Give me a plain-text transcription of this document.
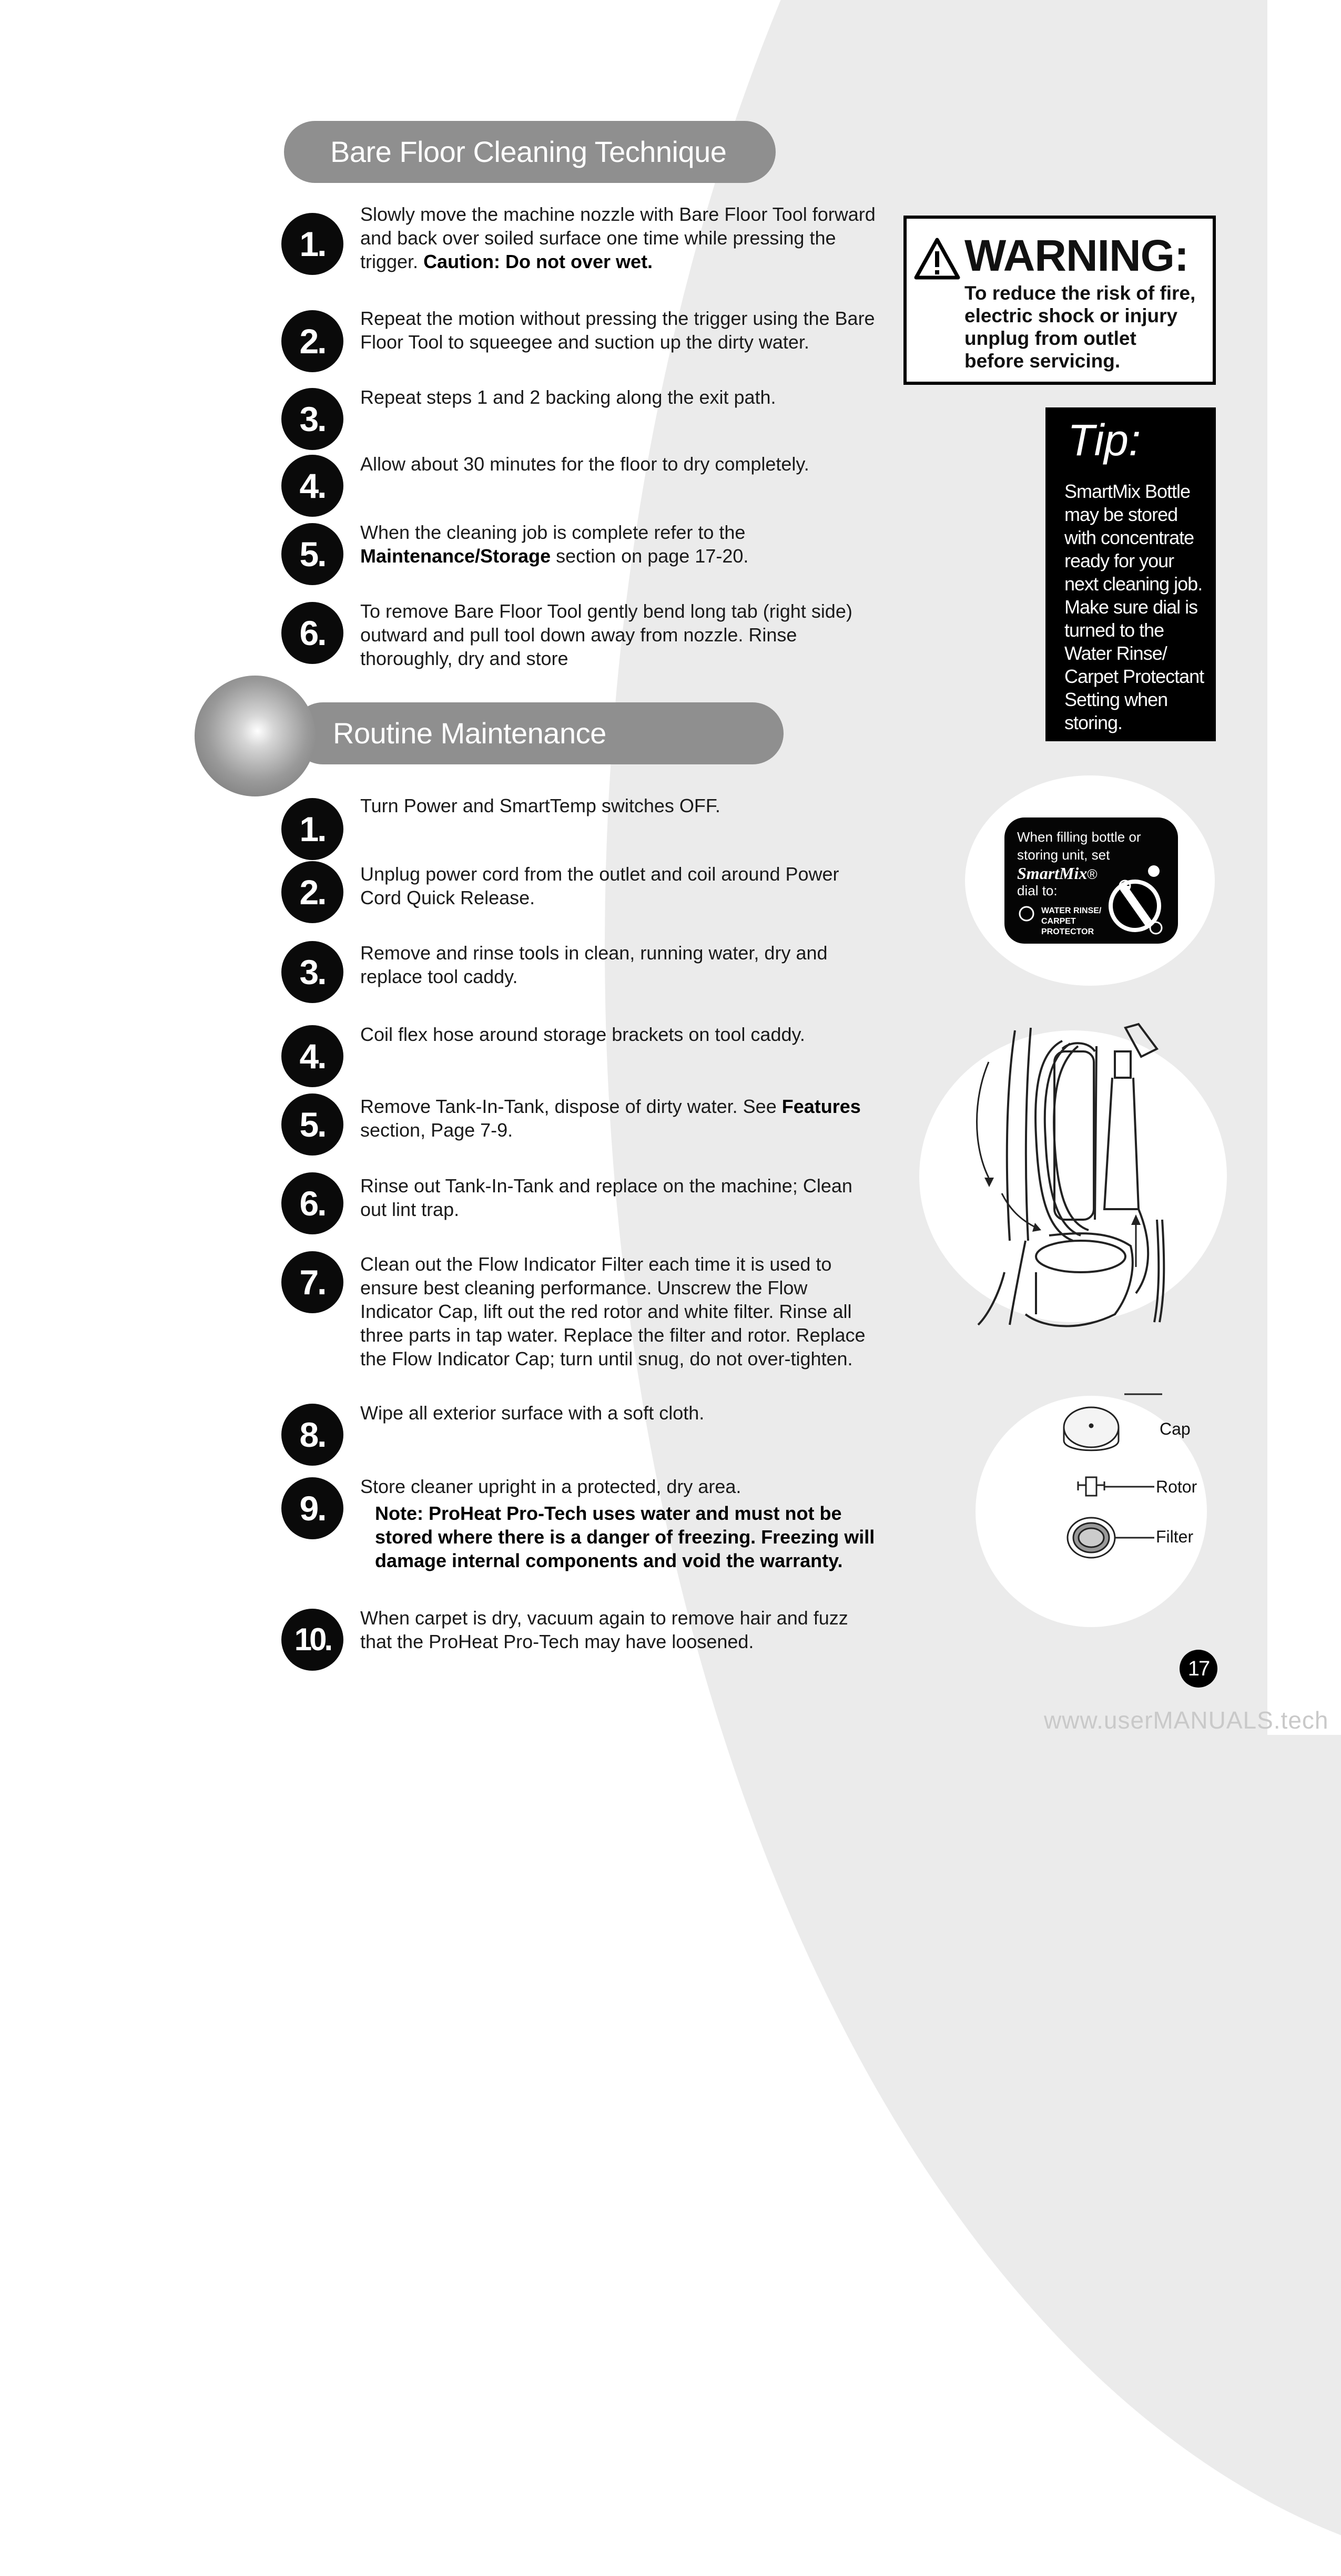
Bare Floor Cleaning Technique
Routine Maintenance
1.
Slowly move the machine nozzle with Bare Floor Tool forward and back over soiled surface one time while pressing the trigger. Caution: Do not over wet.
2.
Repeat the motion without pressing the trigger using the Bare Floor Tool to squeegee and suction up the dirty water.
3.
Repeat steps 1 and 2 backing along the exit path.
4.
Allow about 30 minutes for the floor to dry completely.
5.
When the cleaning job is complete refer to the Maintenance/Storage section on page 17-20.
6.
To remove Bare Floor Tool gently bend long tab (right side) outward and pull tool down away from nozzle. Rinse thoroughly, dry and store
1.
Turn Power and SmartTemp switches OFF.
2.	Unplug power cord from the outlet and coil around Power Cord Quick Release.
3.	Remove and rinse tools in clean, running water, dry and replace tool caddy.
4.
Coil flex hose around storage brackets on tool caddy.
5.	Remove Tank-In-Tank, dispose of dirty water. See Features section, Page 7-9.
6.	Rinse out Tank-In-Tank and replace on the machine; Clean out lint trap.
7.	Clean out the Flow Indicator Filter each time it is used to ensure best cleaning performance. Unscrew the Flow Indicator Cap, lift out the red rotor and white filter. Rinse all three parts in tap water. Replace the filter and rotor. Replace the Flow Indicator Cap; turn until snug, do not over-tighten.
8.
Wipe all exterior surface with a soft cloth.
9.
Store cleaner upright in a protected, dry area.
Note: ProHeat Pro-Tech uses water and must not be stored where there is a danger of freezing. Freezing will damage internal components and void the warranty.
10.
When carpet is dry, vacuum again to remove hair and fuzz that the ProHeat Pro-Tech may have loosened.
WARNING:
To reduce the risk of fire,
electric shock or injury
unplug from outlet
before servicing.
Tip:
SmartMix Bottle may be stored with concentrate ready for your next cleaning job. Make sure dial is turned to the Water Rinse/ Carpet Protectant Setting when storing.
When filling bottle or
storing unit, set
SmartMix®
dial to:
WATER RINSE/
CARPET
PROTECTOR
Cap
Rotor
Filter
17
www.userMANUALS.tech
